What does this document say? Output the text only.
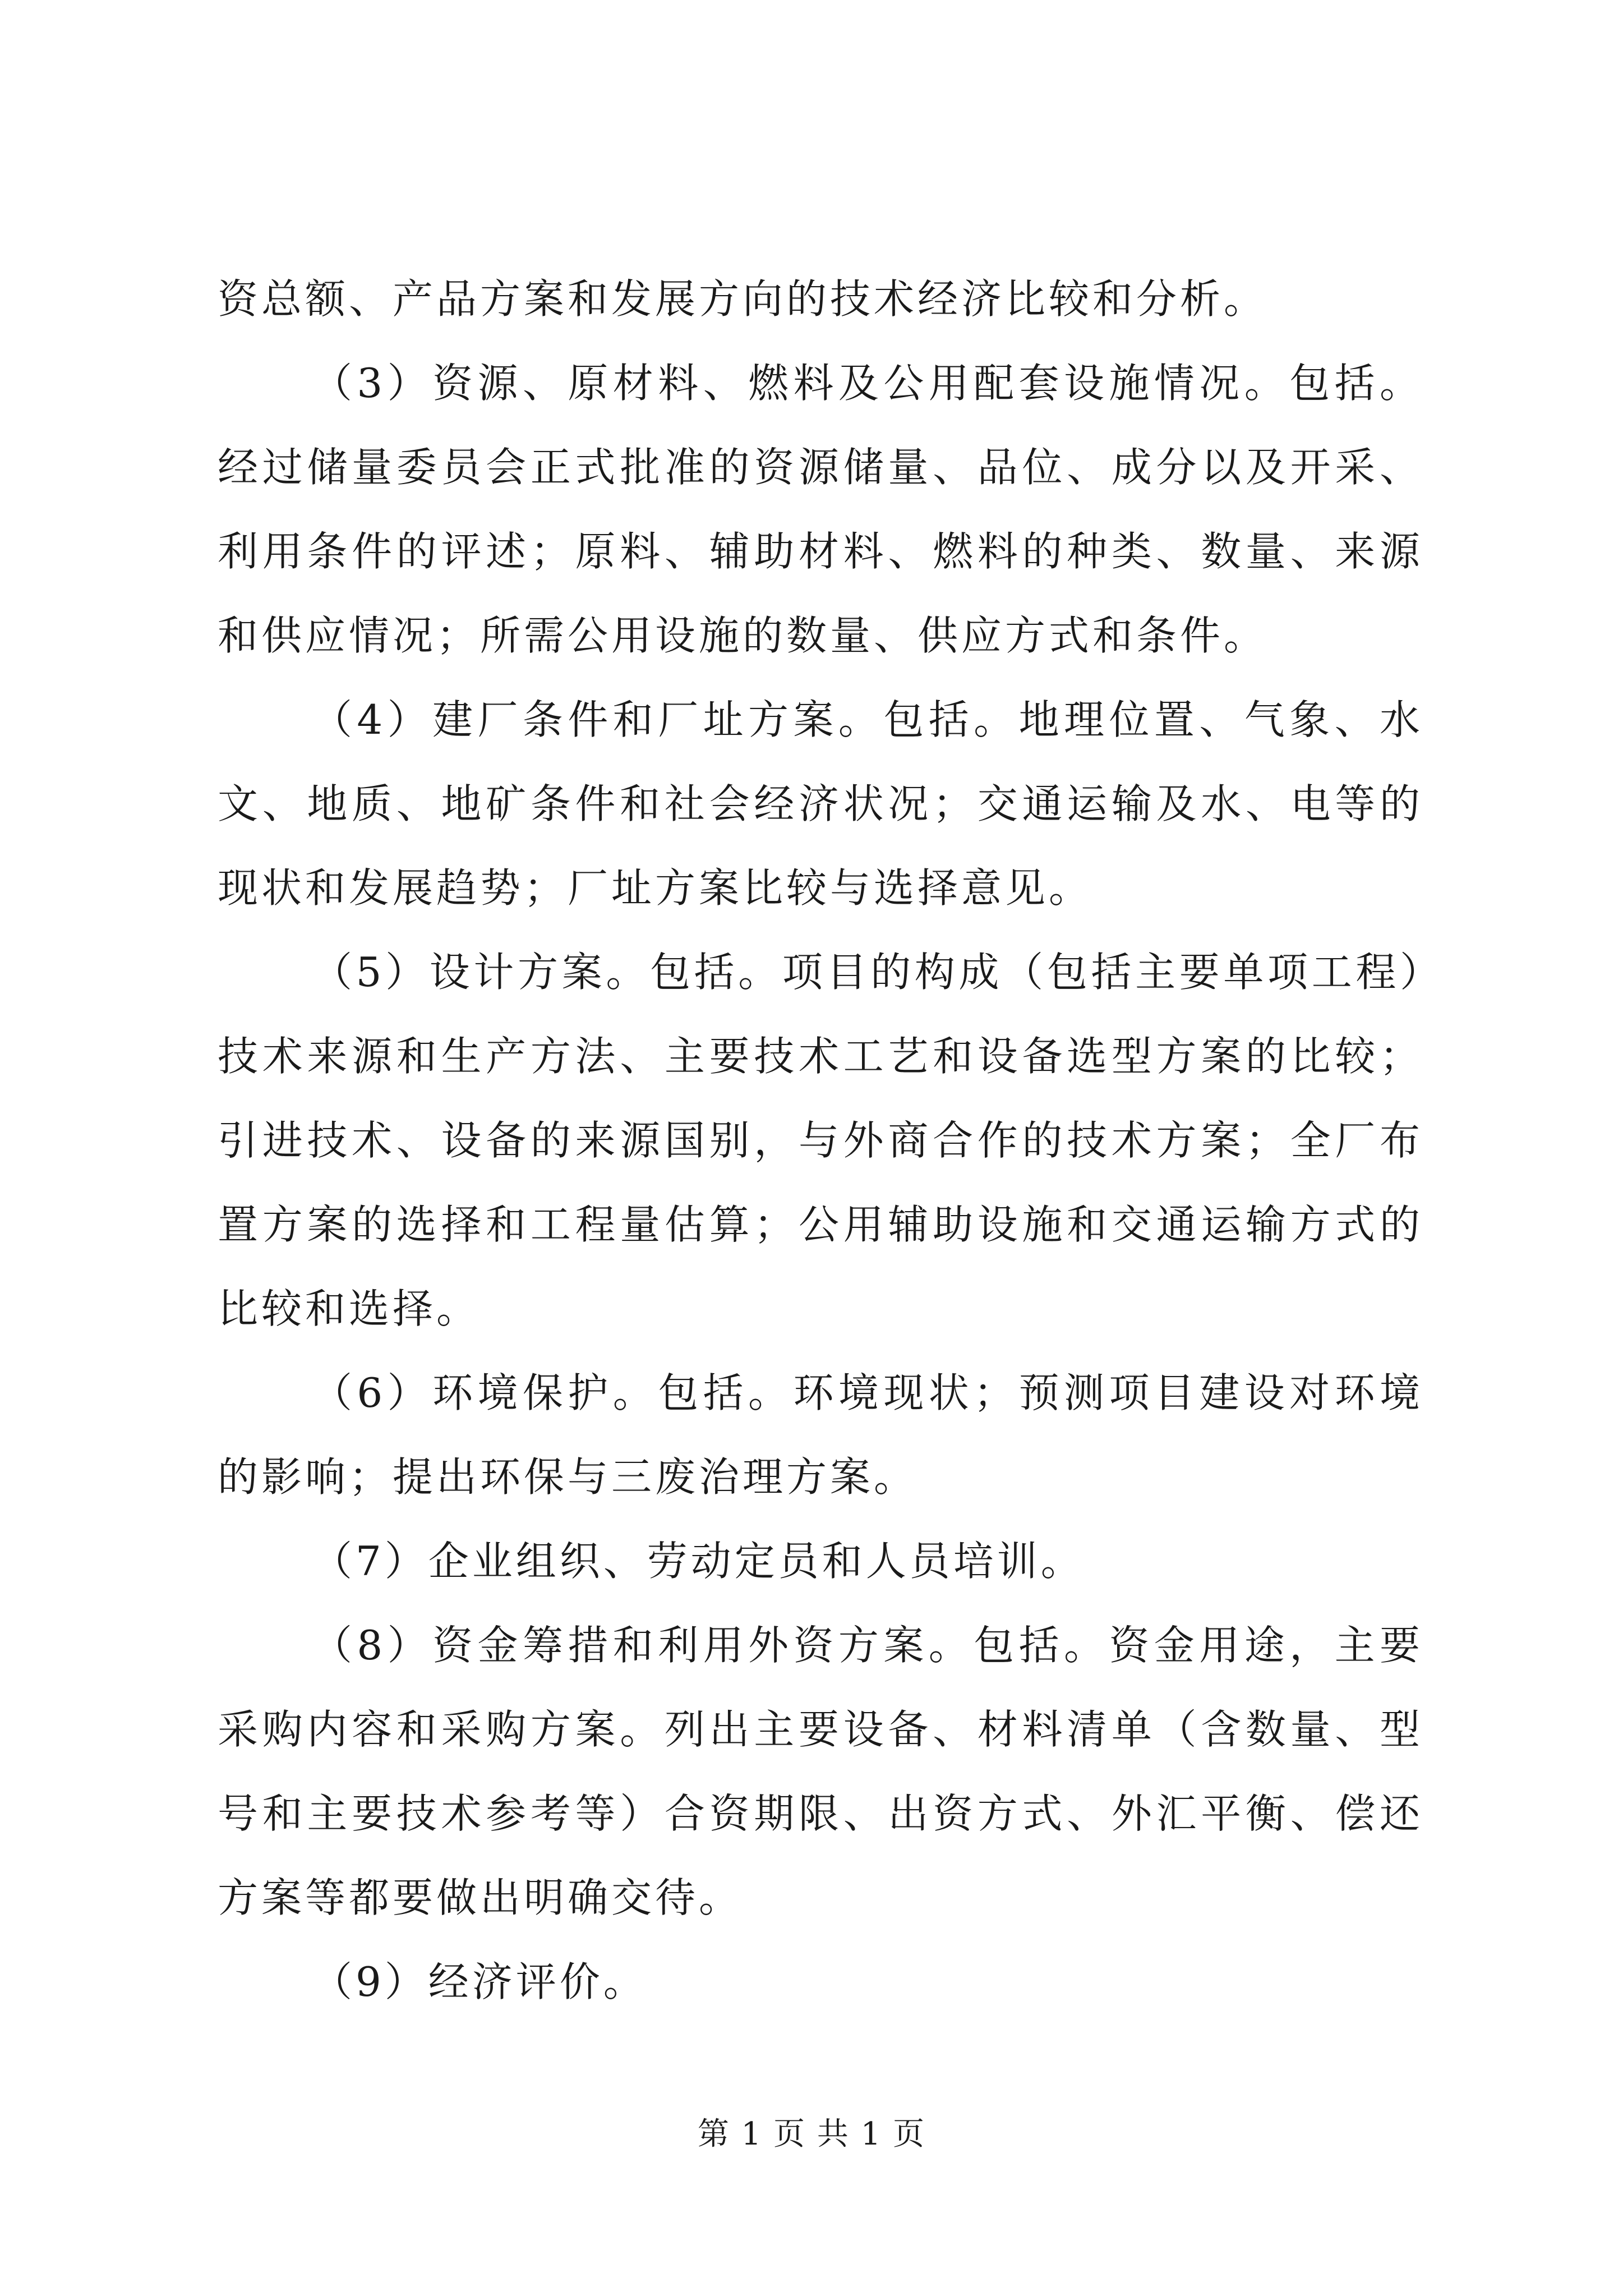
资总额、产品方案和发展方向的技术经济比较和分析。

（3）资源、原材料、燃料及公用配套设施情况。包括。经过储量委员会正式批准的资源储量、品位、成分以及开采、利用条件的评述；原料、辅助材料、燃料的种类、数量、来源和供应情况；所需公用设施的数量、供应方式和条件。

（4）建厂条件和厂址方案。包括。地理位置、气象、水文、地质、地矿条件和社会经济状况；交通运输及水、电等的现状和发展趋势；厂址方案比较与选择意见。

（5）设计方案。包括。项目的构成（包括主要单项工程）技术来源和生产方法、主要技术工艺和设备选型方案的比较；引进技术、设备的来源国别，与外商合作的技术方案；全厂布置方案的选择和工程量估算；公用辅助设施和交通运输方式的比较和选择。

（6）环境保护。包括。环境现状；预测项目建设对环境的影响；提出环保与三废治理方案。

（7）企业组织、劳动定员和人员培训。

（8）资金筹措和利用外资方案。包括。资金用途，主要采购内容和采购方案。列出主要设备、材料清单（含数量、型号和主要技术参考等）合资期限、出资方式、外汇平衡、偿还方案等都要做出明确交待。

（9）经济评价。

第 1 页 共 1 页
